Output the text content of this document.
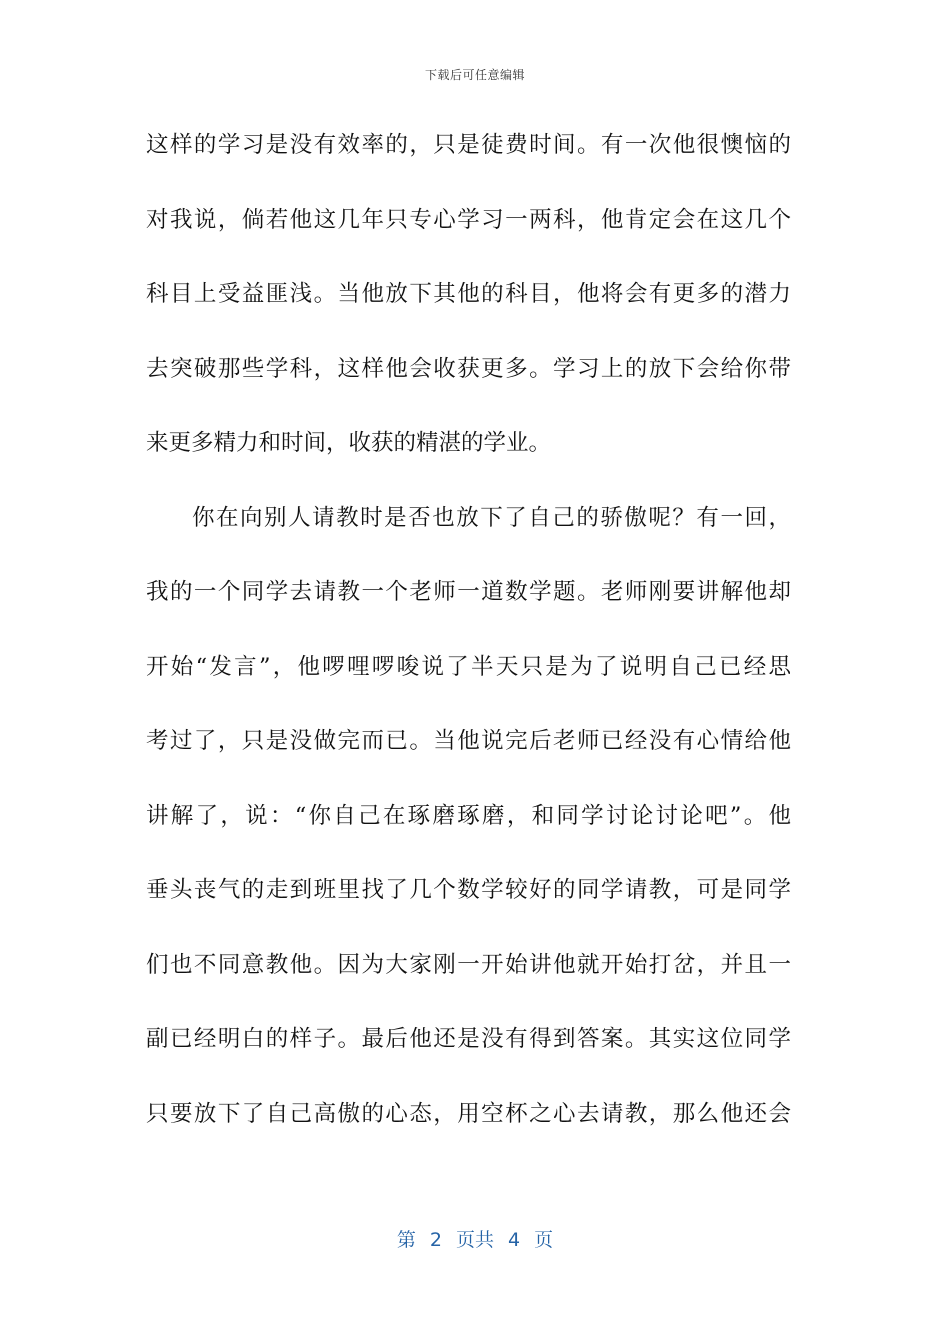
下载后可任意编辑
这样的学习是没有效率的，只是徒费时间。有一次他很懊恼的
对我说，倘若他这几年只专心学习一两科，他肯定会在这几个
科目上受益匪浅。当他放下其他的科目，他将会有更多的潜力
去突破那些学科，这样他会收获更多。学习上的放下会给你带
来更多精力和时间，收获的精湛的学业。
你在向别人请教时是否也放下了自己的骄傲呢？有一回，
我的一个同学去请教一个老师一道数学题。老师刚要讲解他却
开始“发言”，他啰哩啰唆说了半天只是为了说明自己已经思
考过了，只是没做完而已。当他说完后老师已经没有心情给他
讲解了，说：“你自己在琢磨琢磨，和同学讨论讨论吧”。他
垂头丧气的走到班里找了几个数学较好的同学请教，可是同学
们也不同意教他。因为大家刚一开始讲他就开始打岔，并且一
副已经明白的样子。最后他还是没有得到答案。其实这位同学
只要放下了自己高傲的心态，用空杯之心去请教，那么他还会
第 2 页共 4 页
